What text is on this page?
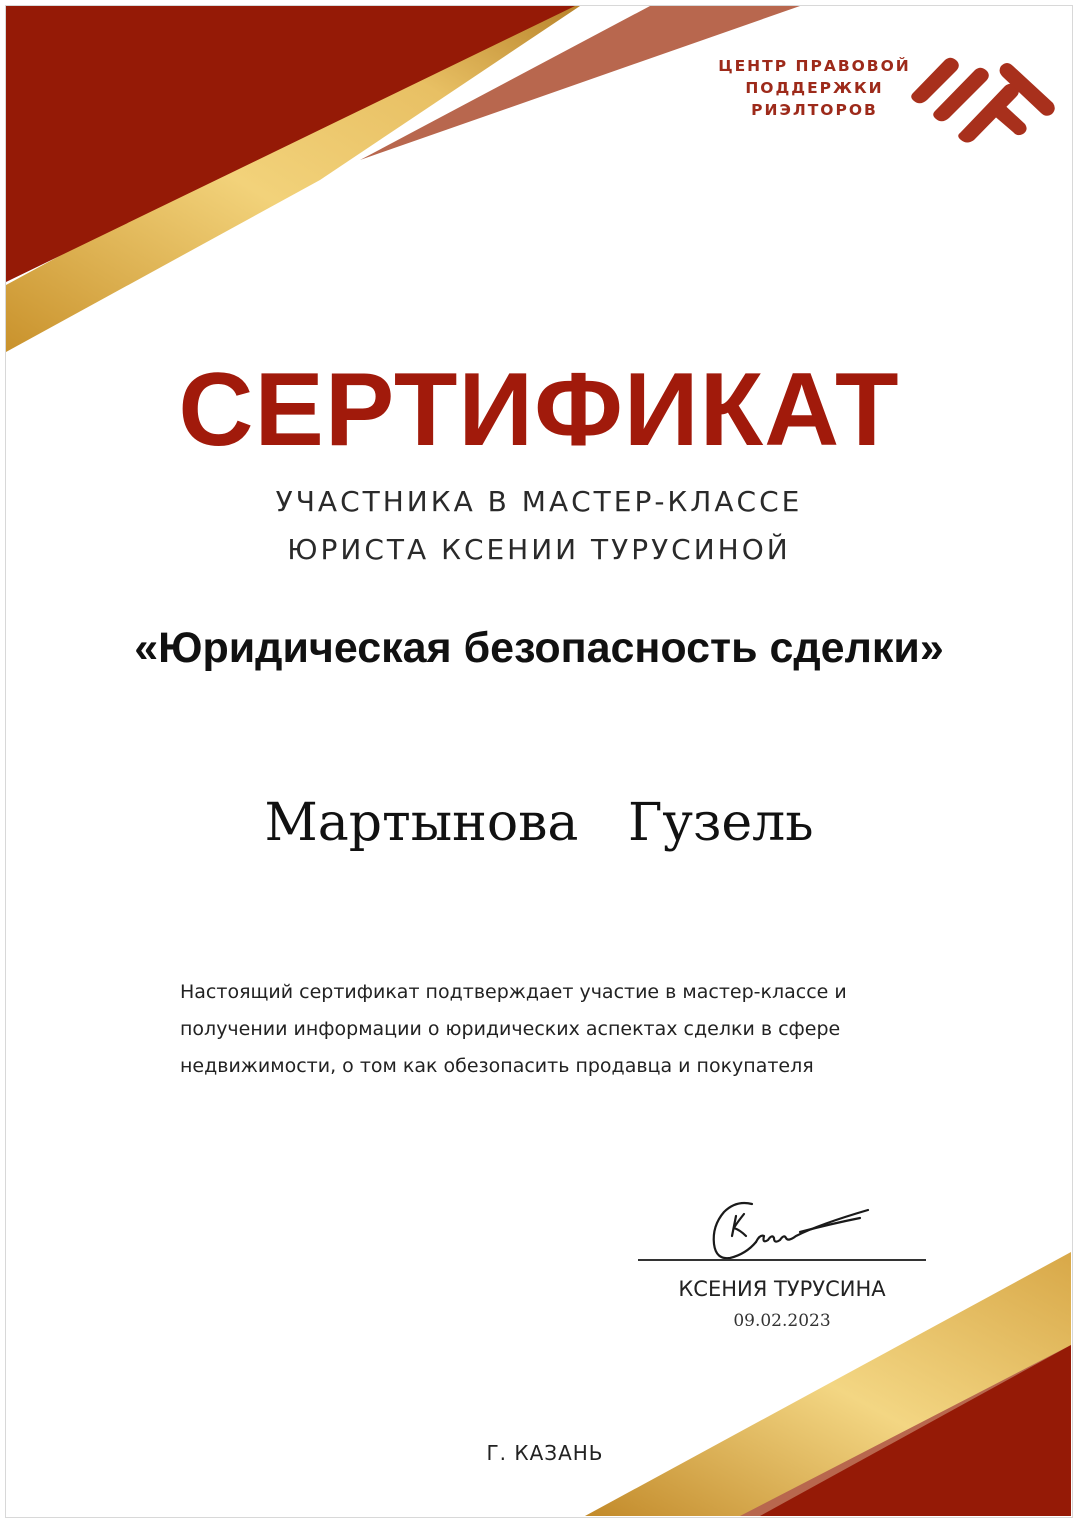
ЦЕНТР ПРАВОВОЙ
ПОДДЕРЖКИ
РИЭЛТОРОВ
СЕРТИФИКАТ
УЧАСТНИКА В МАСТЕР-КЛАССЕ
ЮРИСТА КСЕНИИ ТУРУСИНОЙ
«Юридическая безопасность сделки»
Мартынова   Гузель
Настоящий сертификат подтверждает участие в мастер-классе и
получении информации о юридических аспектах сделки в сфере
недвижимости, о том как обезопасить продавца и покупателя
КСЕНИЯ ТУРУСИНА
09.02.2023
Г. КАЗАНЬ
